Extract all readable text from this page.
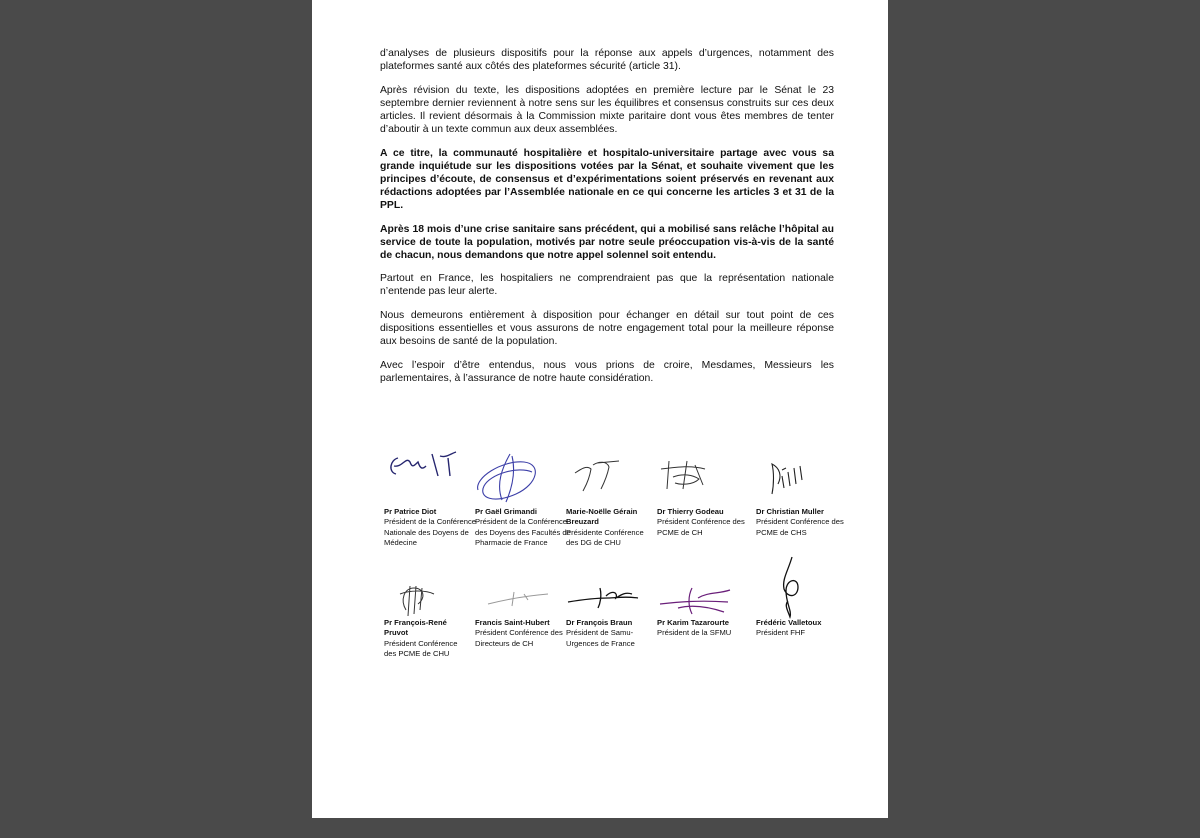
d’analyses de plusieurs dispositifs pour la réponse aux appels d’urgences, notamment des plateformes santé aux côtés des plateformes sécurité (article 31).

Après révision du texte, les dispositions adoptées en première lecture par le Sénat le 23 septembre dernier reviennent à notre sens sur les équilibres et consensus construits sur ces deux articles. Il revient désormais à la Commission mixte paritaire dont vous êtes membres de tenter d’aboutir à un texte commun aux deux assemblées.

A ce titre, la communauté hospitalière et hospitalo-universitaire partage avec vous sa grande inquiétude sur les dispositions votées par la Sénat, et souhaite vivement que les principes d’écoute, de consensus et d’expérimentations soient préservés en revenant aux rédactions adoptées par l’Assemblée nationale en ce qui concerne les articles 3 et 31 de la PPL.

Après 18 mois d’une crise sanitaire sans précédent, qui a mobilisé sans relâche l’hôpital au service de toute la population, motivés par notre seule préoccupation vis-à-vis de la santé de chacun, nous demandons que notre appel solennel soit entendu.

Partout en France, les hospitaliers ne comprendraient pas que la représentation nationale n’entende pas leur alerte.

Nous demeurons entièrement à disposition pour échanger en détail sur tout point de ces dispositions essentielles et vous assurons de notre engagement total pour la meilleure réponse aux besoins de santé de la population.

Avec l’espoir d’être entendus, nous vous prions de croire, Mesdames, Messieurs les parlementaires, à l’assurance de notre haute considération.

Pr Patrice Diot
Président de la Conférence Nationale des Doyens de Médecine
Pr Gaël Grimandi
Président de la Conférence des Doyens des Facultés de Pharmacie de France
Marie-Noëlle Gérain Breuzard
Présidente Conférence des DG de CHU
Dr Thierry Godeau
Président Conférence des PCME de CH
Dr Christian Muller
Président Conférence des PCME de CHS
Pr François-René Pruvot
Président Conférence des PCME de CHU
Francis Saint-Hubert
Président Conférence des Directeurs de CH
Dr François Braun
Président de Samu-Urgences de France
Pr Karim Tazarourte
Président de la SFMU
Frédéric Valletoux
Président FHF
